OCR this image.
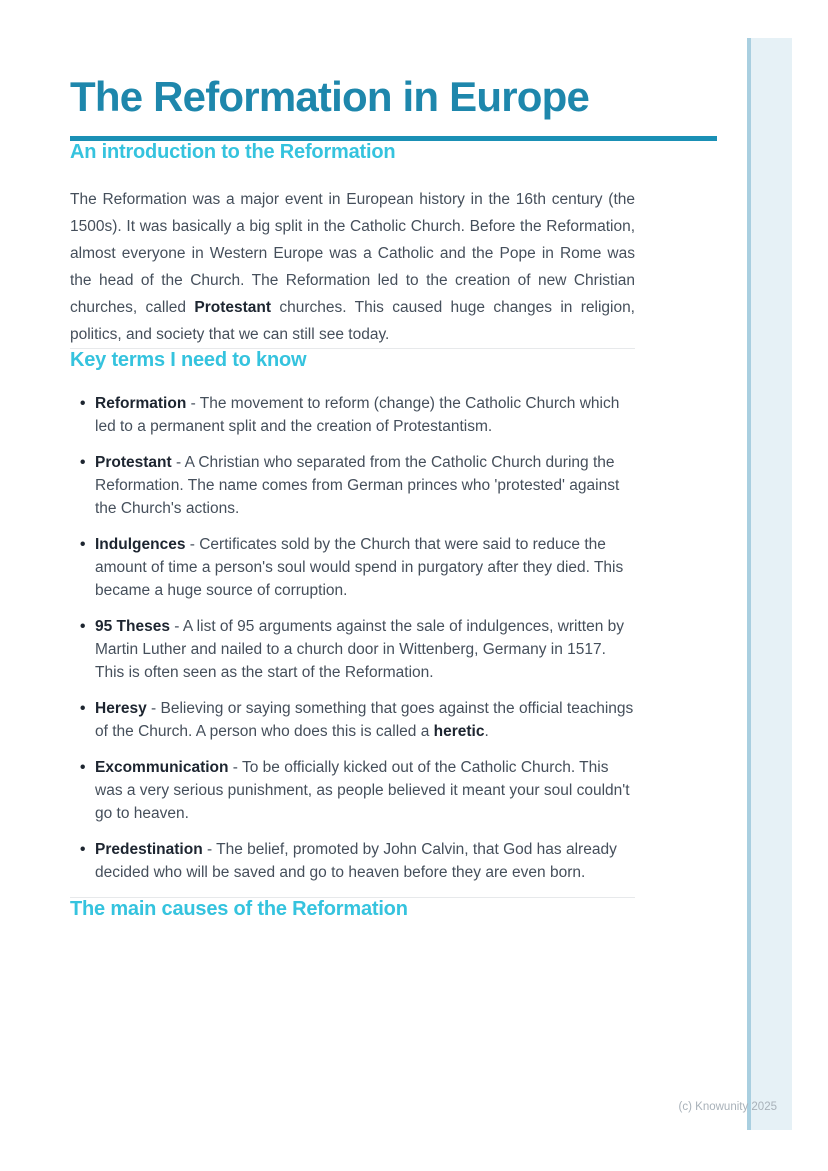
The Reformation in Europe
An introduction to the Reformation

The Reformation was a major event in European history in the 16th century (the 1500s). It was basically a big split in the Catholic Church. Before the Reformation, almost everyone in Western Europe was a Catholic and the Pope in Rome was the head of the Church. The Reformation led to the creation of new Christian churches, called Protestant churches. This caused huge changes in religion, politics, and society that we can still see today.

Key terms I need to know
• Reformation - The movement to reform (change) the Catholic Church which led to a permanent split and the creation of Protestantism.
• Protestant - A Christian who separated from the Catholic Church during the Reformation. The name comes from German princes who 'protested' against the Church's actions.
• Indulgences - Certificates sold by the Church that were said to reduce the amount of time a person's soul would spend in purgatory after they died. This became a huge source of corruption.
• 95 Theses - A list of 95 arguments against the sale of indulgences, written by Martin Luther and nailed to a church door in Wittenberg, Germany in 1517. This is often seen as the start of the Reformation.
• Heresy - Believing or saying something that goes against the official teachings of the Church. A person who does this is called a heretic.
• Excommunication - To be officially kicked out of the Catholic Church. This was a very serious punishment, as people believed it meant your soul couldn't go to heaven.
• Predestination - The belief, promoted by John Calvin, that God has already decided who will be saved and go to heaven before they are even born.
The main causes of the Reformation
(c) Knowunity 2025
